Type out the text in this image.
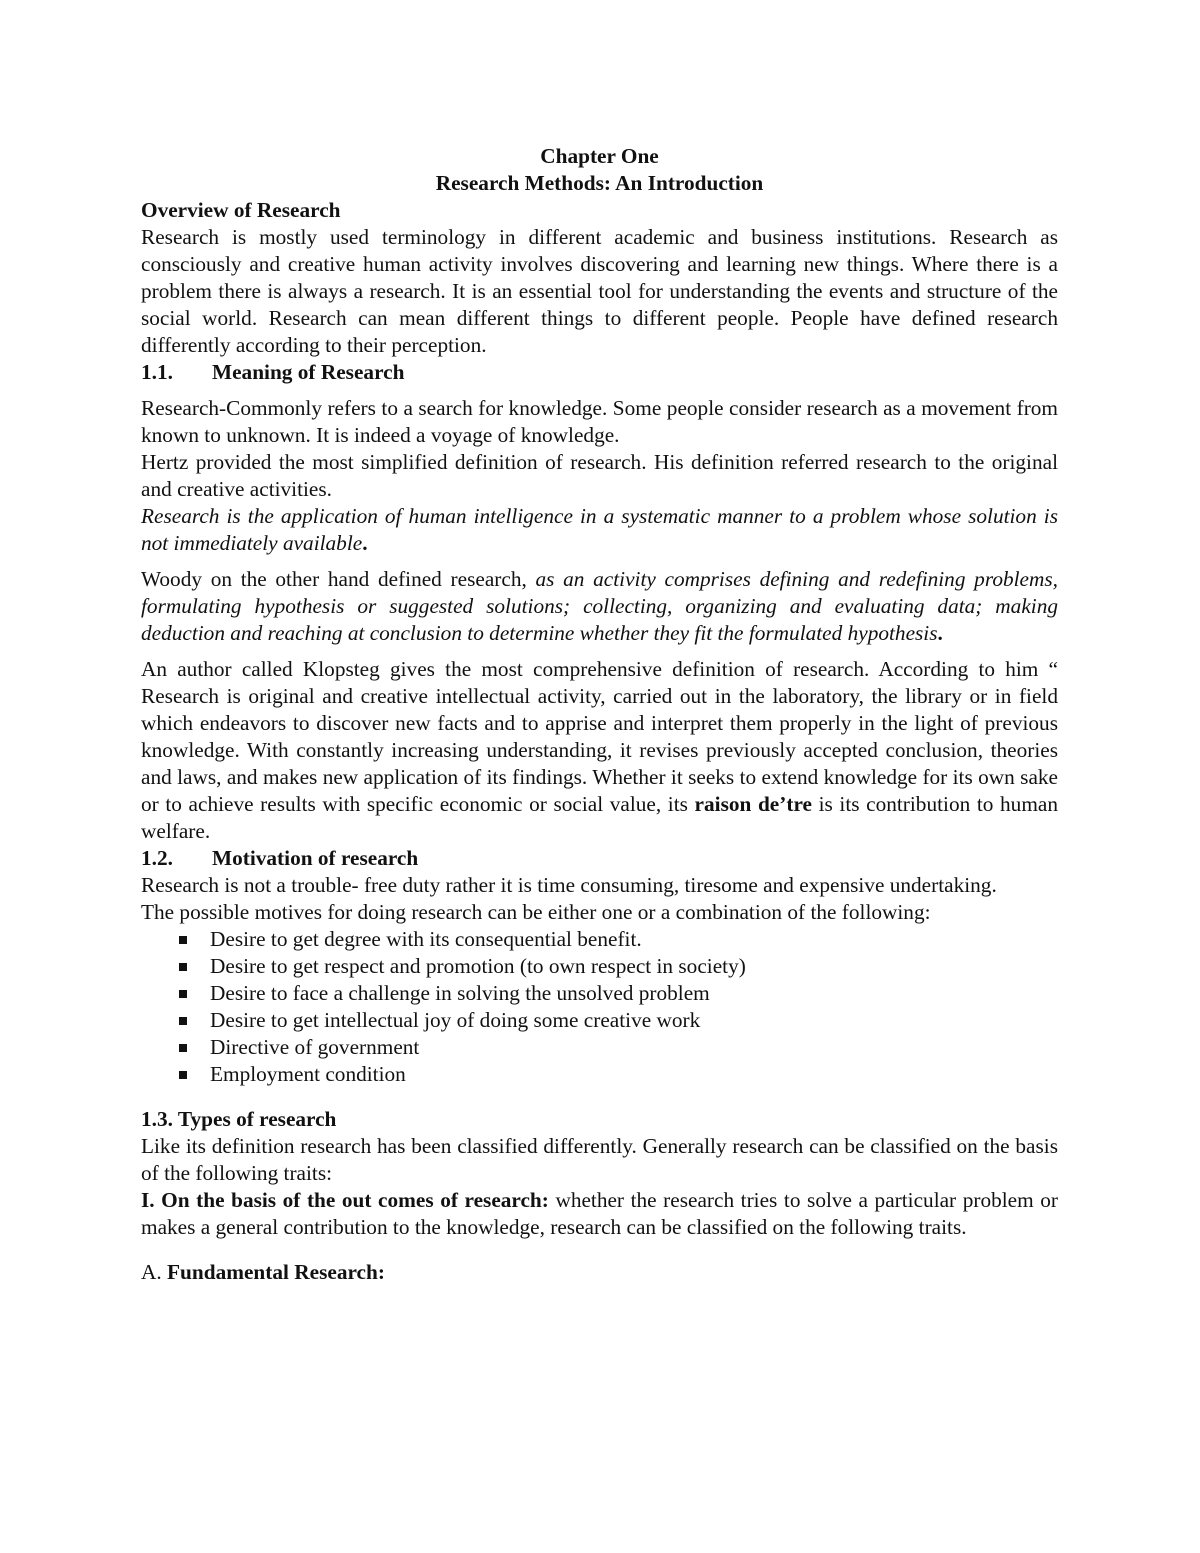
Chapter One

Research Methods: An Introduction

Overview of Research

Research is mostly used terminology in different academic and business institutions. Research as consciously and creative human activity involves discovering and learning new things. Where there is a problem there is always a research. It is an essential tool for understanding the events and structure of the social world. Research can mean different things to different people. People have defined research differently according to their perception.

1.1.	Meaning of Research

Research-Commonly refers to a search for knowledge. Some people consider research as a movement from known to unknown. It is indeed a voyage of knowledge.

Hertz provided the most simplified definition of research. His definition referred research to the original and creative activities.

Research is the application of human intelligence in a systematic manner to a problem whose solution is not immediately available.

Woody on the other hand defined research, as an activity comprises defining and redefining problems, formulating hypothesis or suggested solutions; collecting, organizing and evaluating data; making deduction and reaching at conclusion to determine whether they fit the formulated hypothesis.

An author called Klopsteg gives the most comprehensive definition of research. According to him “ Research is original and creative intellectual activity, carried out in the laboratory, the library or in field which endeavors to discover new facts and to apprise and interpret them properly in the light of previous knowledge. With constantly increasing understanding, it revises previously accepted conclusion, theories and laws, and makes new application of its findings. Whether it seeks to extend knowledge for its own sake or to achieve results with specific economic or social value, its raison de’tre is its contribution to human welfare.

1.2.	Motivation of research

Research is not a trouble- free duty rather it is time consuming, tiresome and expensive undertaking.

The possible motives for doing research can be either one or a combination of the following:

Desire to get degree with its consequential benefit.
Desire to get respect and promotion (to own respect in society)
Desire to face a challenge in solving the unsolved problem
Desire to get intellectual joy of doing some creative work
Directive of government
Employment condition

1.3. Types of research

Like its definition research has been classified differently. Generally research can be classified on the basis of the following traits:

I. On the basis of the out comes of research: whether the research tries to solve a particular problem or makes a general contribution to the knowledge, research can be classified on the following traits.

A. Fundamental Research:
